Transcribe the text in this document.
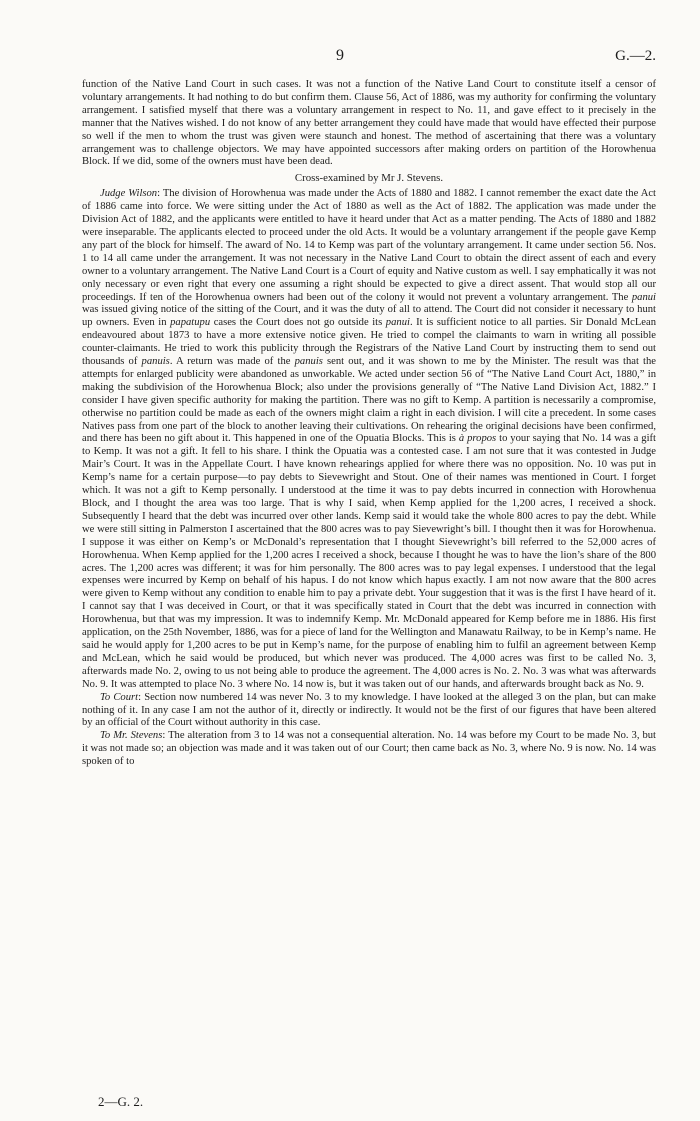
9	G.—2.

function of the Native Land Court in such cases. It was not a function of the Native Land Court to constitute itself a censor of voluntary arrangements. It had nothing to do but confirm them. Clause 56, Act of 1886, was my authority for confirming the voluntary arrangement. I satisfied myself that there was a voluntary arrangement in respect to No. 11, and gave effect to it precisely in the manner that the Natives wished. I do not know of any better arrangement they could have made that would have effected their purpose so well if the men to whom the trust was given were staunch and honest. The method of ascertaining that there was a voluntary arrangement was to challenge objectors. We may have appointed successors after making orders on partition of the Horowhenua Block. If we did, some of the owners must have been dead.

Cross-examined by Mr J. Stevens.

Judge Wilson: The division of Horowhenua was made under the Acts of 1880 and 1882. I cannot remember the exact date the Act of 1886 came into force. We were sitting under the Act of 1880 as well as the Act of 1882. The application was made under the Division Act of 1882, and the applicants were entitled to have it heard under that Act as a matter pending. The Acts of 1880 and 1882 were inseparable. The applicants elected to proceed under the old Acts. It would be a voluntary arrangement if the people gave Kemp any part of the block for himself. The award of No. 14 to Kemp was part of the voluntary arrangement. It came under section 56. Nos. 1 to 14 all came under the arrangement. It was not necessary in the Native Land Court to obtain the direct assent of each and every owner to a voluntary arrangement. The Native Land Court is a Court of equity and Native custom as well. I say emphatically it was not only necessary or even right that every one assuming a right should be expected to give a direct assent. That would stop all our proceedings. If ten of the Horowhenua owners had been out of the colony it would not prevent a voluntary arrangement. The panui was issued giving notice of the sitting of the Court, and it was the duty of all to attend. The Court did not consider it necessary to hunt up owners. Even in papatupu cases the Court does not go outside its panui. It is sufficient notice to all parties. Sir Donald McLean endeavoured about 1873 to have a more extensive notice given. He tried to compel the claimants to warn in writing all possible counter-claimants. He tried to work this publicity through the Registrars of the Native Land Court by instructing them to send out thousands of panuis. A return was made of the panuis sent out, and it was shown to me by the Minister. The result was that the attempts for enlarged publicity were abandoned as unworkable. We acted under section 56 of “The Native Land Court Act, 1880,” in making the subdivision of the Horowhenua Block; also under the provisions generally of “The Native Land Division Act, 1882.” I consider I have given specific authority for making the partition. There was no gift to Kemp. A partition is necessarily a compromise, otherwise no partition could be made as each of the owners might claim a right in each division. I will cite a precedent. In some cases Natives pass from one part of the block to another leaving their cultivations. On rehearing the original decisions have been confirmed, and there has been no gift about it. This happened in one of the Opuatia Blocks. This is à propos to your saying that No. 14 was a gift to Kemp. It was not a gift. It fell to his share. I think the Opuatia was a contested case. I am not sure that it was contested in Judge Mair’s Court. It was in the Appellate Court. I have known rehearings applied for where there was no opposition. No. 10 was put in Kemp’s name for a certain purpose—to pay debts to Sievewright and Stout. One of their names was mentioned in Court. I forget which. It was not a gift to Kemp personally. I understood at the time it was to pay debts incurred in connection with Horowhenua Block, and I thought the area was too large. That is why I said, when Kemp applied for the 1,200 acres, I received a shock. Subsequently I heard that the debt was incurred over other lands. Kemp said it would take the whole 800 acres to pay the debt. While we were still sitting in Palmerston I ascertained that the 800 acres was to pay Sievewright’s bill. I thought then it was for Horowhenua. I suppose it was either on Kemp’s or McDonald’s representation that I thought Sievewright’s bill referred to the 52,000 acres of Horowhenua. When Kemp applied for the 1,200 acres I received a shock, because I thought he was to have the lion’s share of the 800 acres. The 1,200 acres was different; it was for him personally. The 800 acres was to pay legal expenses. I understood that the legal expenses were incurred by Kemp on behalf of his hapus. I do not know which hapus exactly. I am not now aware that the 800 acres were given to Kemp without any condition to enable him to pay a private debt. Your suggestion that it was is the first I have heard of it. I cannot say that I was deceived in Court, or that it was specifically stated in Court that the debt was incurred in connection with Horowhenua, but that was my impression. It was to indemnify Kemp. Mr. McDonald appeared for Kemp before me in 1886. His first application, on the 25th November, 1886, was for a piece of land for the Wellington and Manawatu Railway, to be in Kemp’s name. He said he would apply for 1,200 acres to be put in Kemp’s name, for the purpose of enabling him to fulfil an agreement between Kemp and McLean, which he said would be produced, but which never was produced. The 4,000 acres was first to be called No. 3, afterwards made No. 2, owing to us not being able to produce the agreement. The 4,000 acres is No. 2. No. 3 was what was afterwards No. 9. It was attempted to place No. 3 where No. 14 now is, but it was taken out of our hands, and afterwards brought back as No. 9.

To Court: Section now numbered 14 was never No. 3 to my knowledge. I have looked at the alleged 3 on the plan, but can make nothing of it. In any case I am not the author of it, directly or indirectly. It would not be the first of our figures that have been altered by an official of the Court without authority in this case.

To Mr. Stevens: The alteration from 3 to 14 was not a consequential alteration. No. 14 was before my Court to be made No. 3, but it was not made so; an objection was made and it was taken out of our Court; then came back as No. 3, where No. 9 is now. No. 14 was spoken of to

2—G. 2.
